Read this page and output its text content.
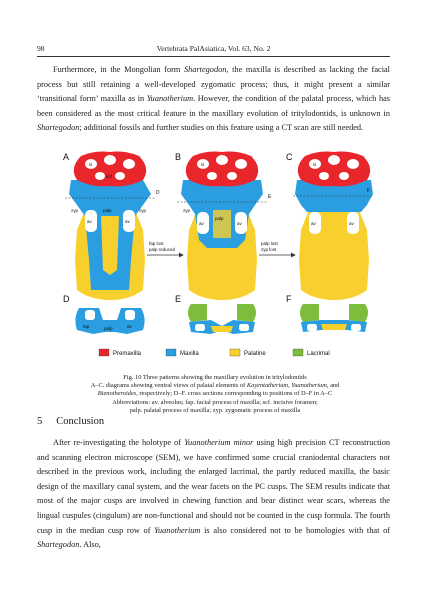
98	Vertebrata PalAsiatica, Vol. 63, No. 2

Furthermore, in the Mongolian form Shartegodon, the maxilla is described as lacking the facial process but still retaining a well-developed zygomatic process; thus, it might present a similar ‘transitional form’ maxilla as in Yuanotherium. However, the condition of the palatal process, which has been considered as the most critical feature in the maxillary evolution of tritylodontids, is unknown in Shartegodon; additional fossils and further studies on this feature using a CT scan are still needed.

A	B	C
is
scf
av	av
zyp	zyp
palp
D
is
av	av
zyp
palp
E
is
av	av
F
fap lost
palp reduced
palp lost
zyp lost
D	E	F
fap	palp	av
Premaxilla	Maxilla	Palatine	Lacrimal
Fig. 10 Three patterns showing the maxillary evolution in tritylodontids
A–C. diagrams showing ventral views of palatal elements of Kayentatherium, Yuanotherium, and
Bienotheroides, respectively; D–F. cross sections corresponding to positions of D–F in A–C
Abbreviations: av. alveolus; fap. facial process of maxilla; scf. incisive foramen;
palp. palatal process of maxilla; zyp. zygomatic process of maxilla
5 Conclusion

After re-investigating the holotype of Yuanotherium minor using high precision CT reconstruction and scanning electron microscope (SEM), we have confirmed some crucial craniodental characters not described in the previous work, including the enlarged lacrimal, the partly reduced maxilla, the basic design of the maxillary canal system, and the wear facets on the PC cusps. The SEM results indicate that most of the major cusps are involved in chewing function and bear distinct wear scars, whereas the lingual cuspules (cingulum) are non-functional and should not be counted in the cusp formula. The fourth cusp in the median cusp row of Yuanotherium is also considered not to be homologies with that of Shartegodon. Also,
